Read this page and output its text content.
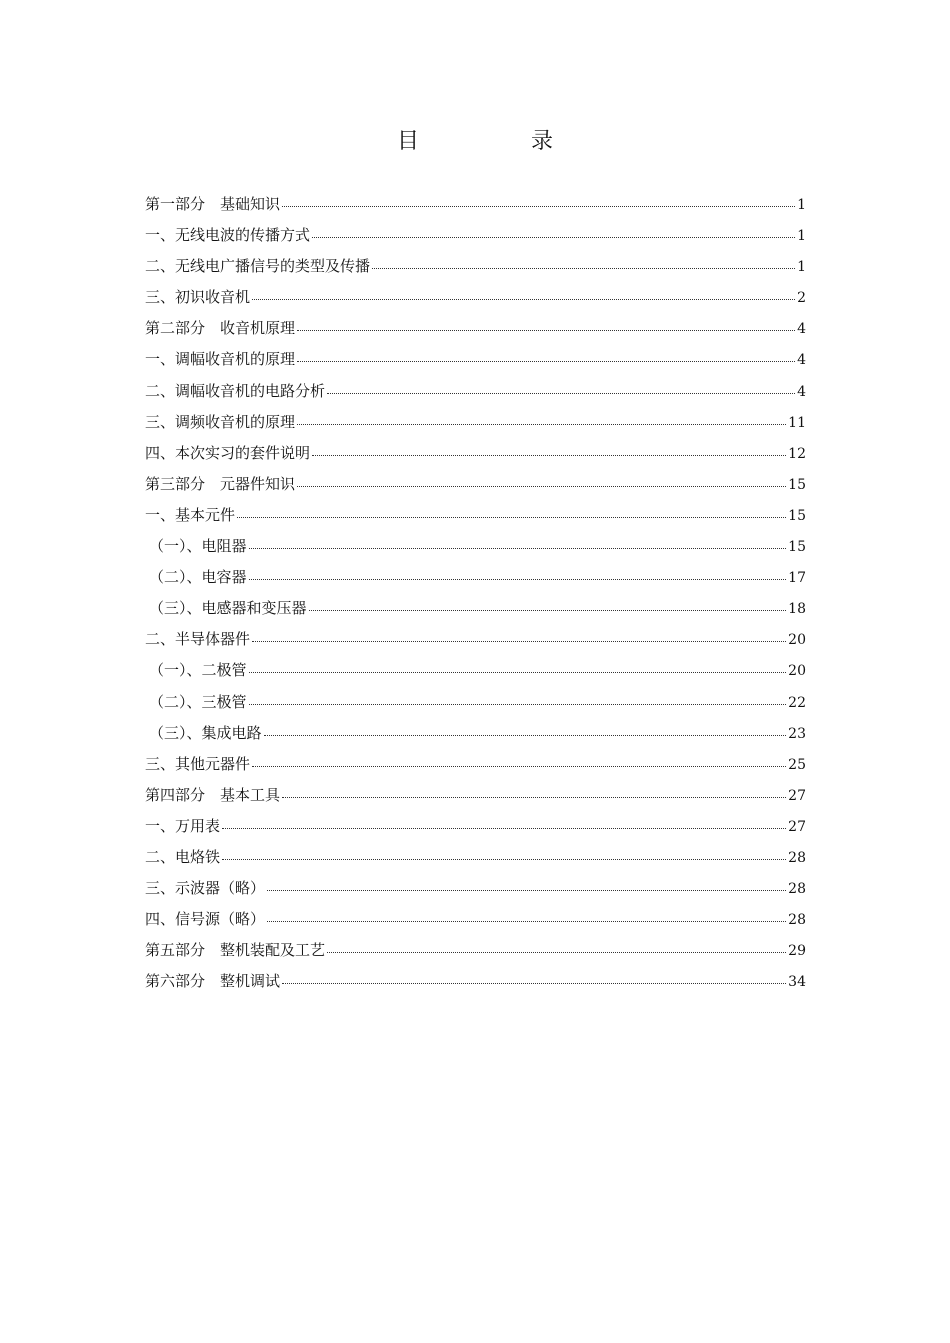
目	录
第一部分　基础知识	1
一、无线电波的传播方式	1
二、无线电广播信号的类型及传播	1
三、初识收音机	2
第二部分　收音机原理	4
一、调幅收音机的原理	4
二、调幅收音机的电路分析	4
三、调频收音机的原理	11
四、本次实习的套件说明	12
第三部分　元器件知识	15
一、基本元件	15
（一）、电阻器	15
（二）、电容器	17
（三）、电感器和变压器	18
二、半导体器件	20
（一）、二极管	20
（二）、三极管	22
（三）、集成电路	23
三、其他元器件	25
第四部分　基本工具	27
一、万用表	27
二、电烙铁	28
三、示波器（略）	28
四、信号源（略）	28
第五部分　整机装配及工艺	29
第六部分　整机调试	34
